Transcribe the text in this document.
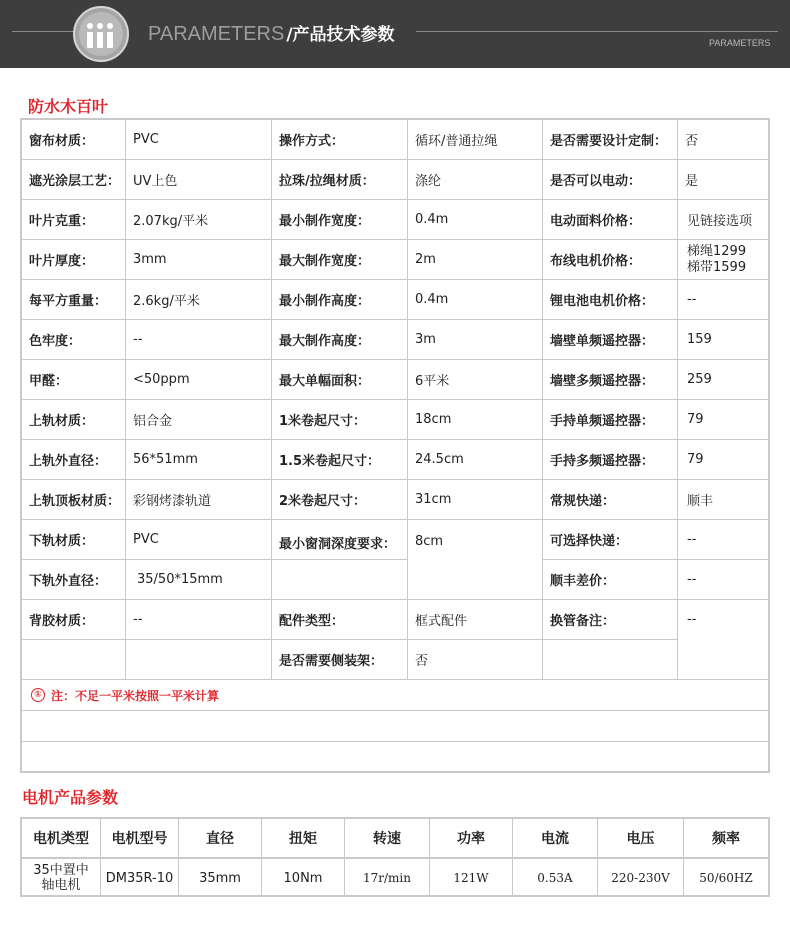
PARAMETERS /产品技术参数	PARAMETERS
防水木百叶
窗布材质：	PVC	操作方式：	循环/普通拉绳	是否需要设计定制：	否
遮光涂层工艺： UV上色	拉珠/拉绳材质：	涤纶	是否可以电动：	是
叶片克重：	2.07kg/平米	最小制作宽度：	0.4m	电动面料价格：	见链接选项
叶片厚度：	3mm	最大制作宽度：	2m	布线电机价格：
梯绳1299
梯带1599
每平方重量：	2.6kg/平米	最小制作高度：	0.4m	锂电池电机价格：	--
色牢度：	--	最大制作高度：	3m	墙壁单频遥控器：	159
甲醛：	<50ppm	最大单幅面积：	6平米	墙壁多频遥控器：	259
上轨材质：	铝合金	1米卷起尺寸：	18cm	手持单频遥控器：	79
上轨外直径：	56*51mm	1.5米卷起尺寸：	24.5cm	手持多频遥控器：	79
上轨顶板材质： 彩钢烤漆轨道	2米卷起尺寸：	31cm	常规快递：	顺丰
下轨材质：	PVC	最小窗洞深度要求：	8cm	可选择快递：	--
下轨外直径：	35/50*15mm	顺丰差价：	--
背胶材质：	--	配件类型：	框式配件	换管备注：	--
是否需要侧装架：	否
① 注：不足一平米按照一平米计算
电机产品参数
电机类型	电机型号	直径	扭矩	转速	功率	电流	电压	频率
35中置中轴电机	DM35R-10	35mm	10Nm	17r/min	121W	0.53A	220-230V	50/60HZ
